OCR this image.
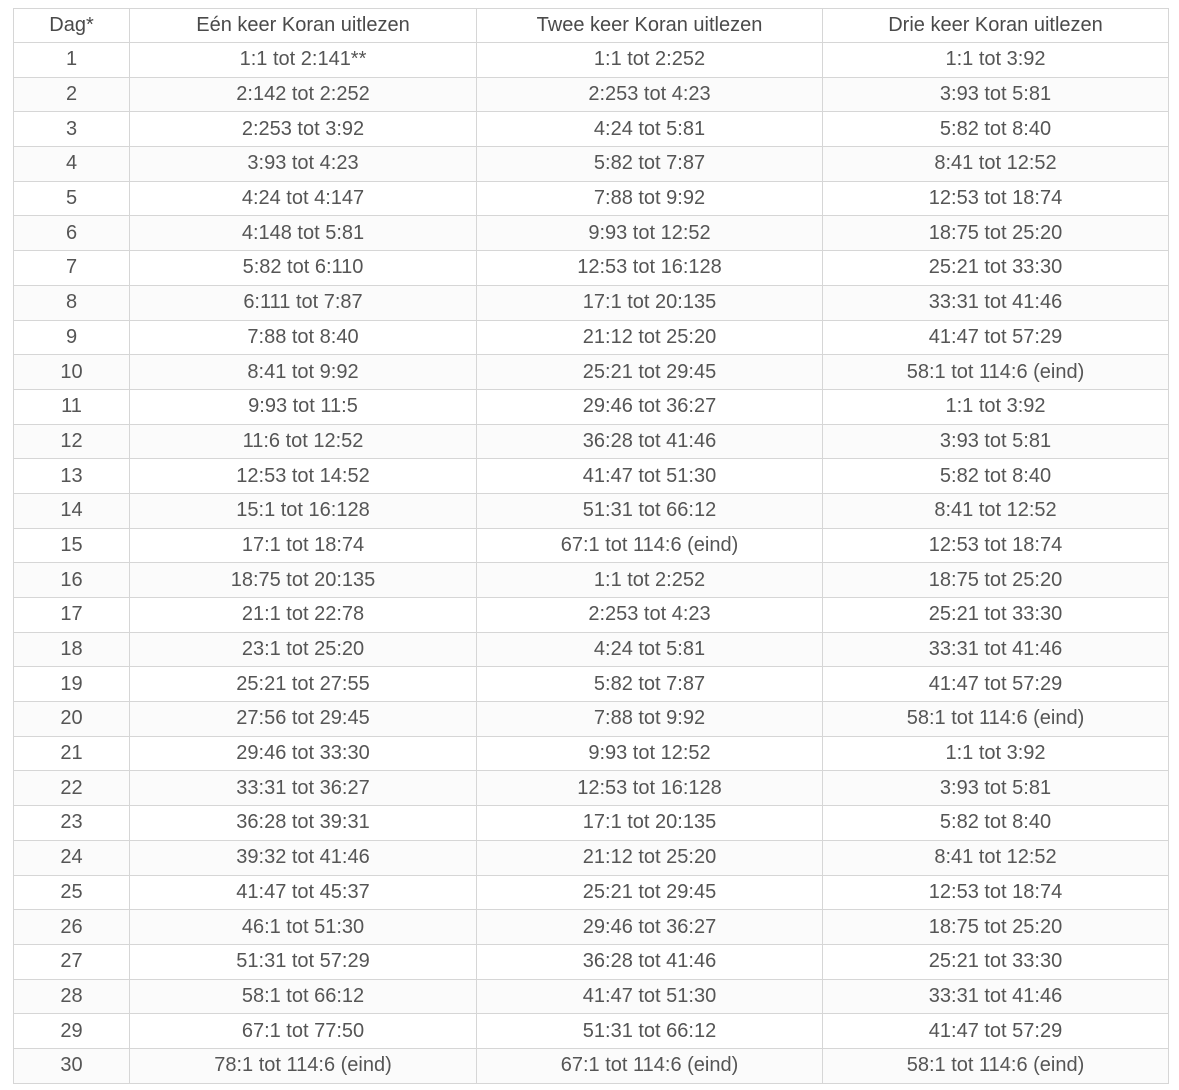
Dag*	Eén keer Koran uitlezen	Twee keer Koran uitlezen	Drie keer Koran uitlezen
1	1:1 tot 2:141**	1:1 tot 2:252	1:1 tot 3:92
2	2:142 tot 2:252	2:253 tot 4:23	3:93 tot 5:81
3	2:253 tot 3:92	4:24 tot 5:81	5:82 tot 8:40
4	3:93 tot 4:23	5:82 tot 7:87	8:41 tot 12:52
5	4:24 tot 4:147	7:88 tot 9:92	12:53 tot 18:74
6	4:148 tot 5:81	9:93 tot 12:52	18:75 tot 25:20
7	5:82 tot 6:110	12:53 tot 16:128	25:21 tot 33:30
8	6:111 tot 7:87	17:1 tot 20:135	33:31 tot 41:46
9	7:88 tot 8:40	21:12 tot 25:20	41:47 tot 57:29
10	8:41 tot 9:92	25:21 tot 29:45	58:1 tot 114:6 (eind)
11	9:93 tot 11:5	29:46 tot 36:27	1:1 tot 3:92
12	11:6 tot 12:52	36:28 tot 41:46	3:93 tot 5:81
13	12:53 tot 14:52	41:47 tot 51:30	5:82 tot 8:40
14	15:1 tot 16:128	51:31 tot 66:12	8:41 tot 12:52
15	17:1 tot 18:74	67:1 tot 114:6 (eind)	12:53 tot 18:74
16	18:75 tot 20:135	1:1 tot 2:252	18:75 tot 25:20
17	21:1 tot 22:78	2:253 tot 4:23	25:21 tot 33:30
18	23:1 tot 25:20	4:24 tot 5:81	33:31 tot 41:46
19	25:21 tot 27:55	5:82 tot 7:87	41:47 tot 57:29
20	27:56 tot 29:45	7:88 tot 9:92	58:1 tot 114:6 (eind)
21	29:46 tot 33:30	9:93 tot 12:52	1:1 tot 3:92
22	33:31 tot 36:27	12:53 tot 16:128	3:93 tot 5:81
23	36:28 tot 39:31	17:1 tot 20:135	5:82 tot 8:40
24	39:32 tot 41:46	21:12 tot 25:20	8:41 tot 12:52
25	41:47 tot 45:37	25:21 tot 29:45	12:53 tot 18:74
26	46:1 tot 51:30	29:46 tot 36:27	18:75 tot 25:20
27	51:31 tot 57:29	36:28 tot 41:46	25:21 tot 33:30
28	58:1 tot 66:12	41:47 tot 51:30	33:31 tot 41:46
29	67:1 tot 77:50	51:31 tot 66:12	41:47 tot 57:29
30	78:1 tot 114:6 (eind)	67:1 tot 114:6 (eind)	58:1 tot 114:6 (eind)
